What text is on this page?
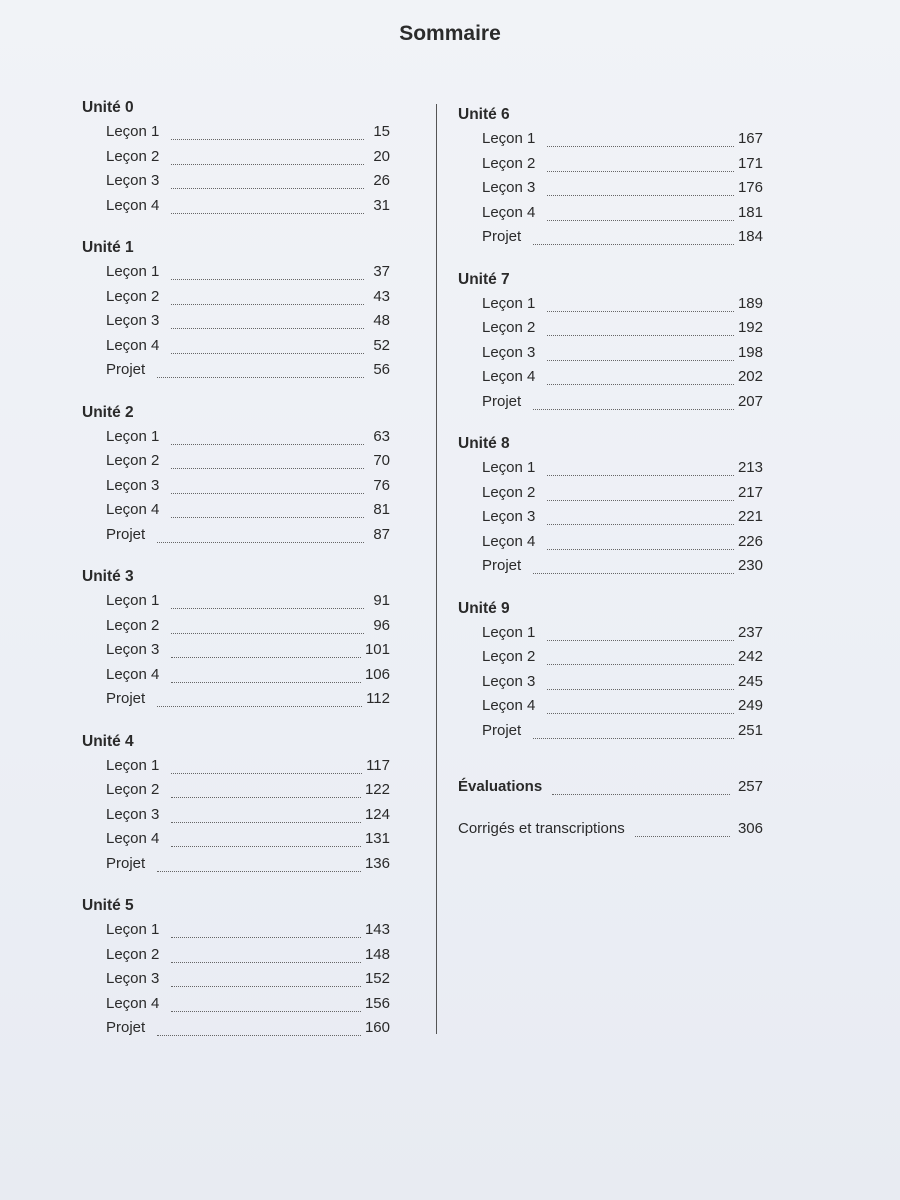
Sommaire
Unité 0
Leçon 1	15
Leçon 2	20
Leçon 3	26
Leçon 4	31
Unité 1
Leçon 1	37
Leçon 2	43
Leçon 3	48
Leçon 4	52
Projet	56
Unité 2
Leçon 1	63
Leçon 2	70
Leçon 3	76
Leçon 4	81
Projet	87
Unité 3
Leçon 1	91
Leçon 2	96
Leçon 3	101
Leçon 4	106
Projet	112
Unité 4
Leçon 1	117
Leçon 2	122
Leçon 3	124
Leçon 4	131
Projet	136
Unité 5
Leçon 1	143
Leçon 2	148
Leçon 3	152
Leçon 4	156
Projet	160
Unité 6
Leçon 1	167
Leçon 2	171
Leçon 3	176
Leçon 4	181
Projet	184
Unité 7
Leçon 1	189
Leçon 2	192
Leçon 3	198
Leçon 4	202
Projet	207
Unité 8
Leçon 1	213
Leçon 2	217
Leçon 3	221
Leçon 4	226
Projet	230
Unité 9
Leçon 1	237
Leçon 2	242
Leçon 3	245
Leçon 4	249
Projet	251
Évaluations	257
Corrigés et transcriptions	306
